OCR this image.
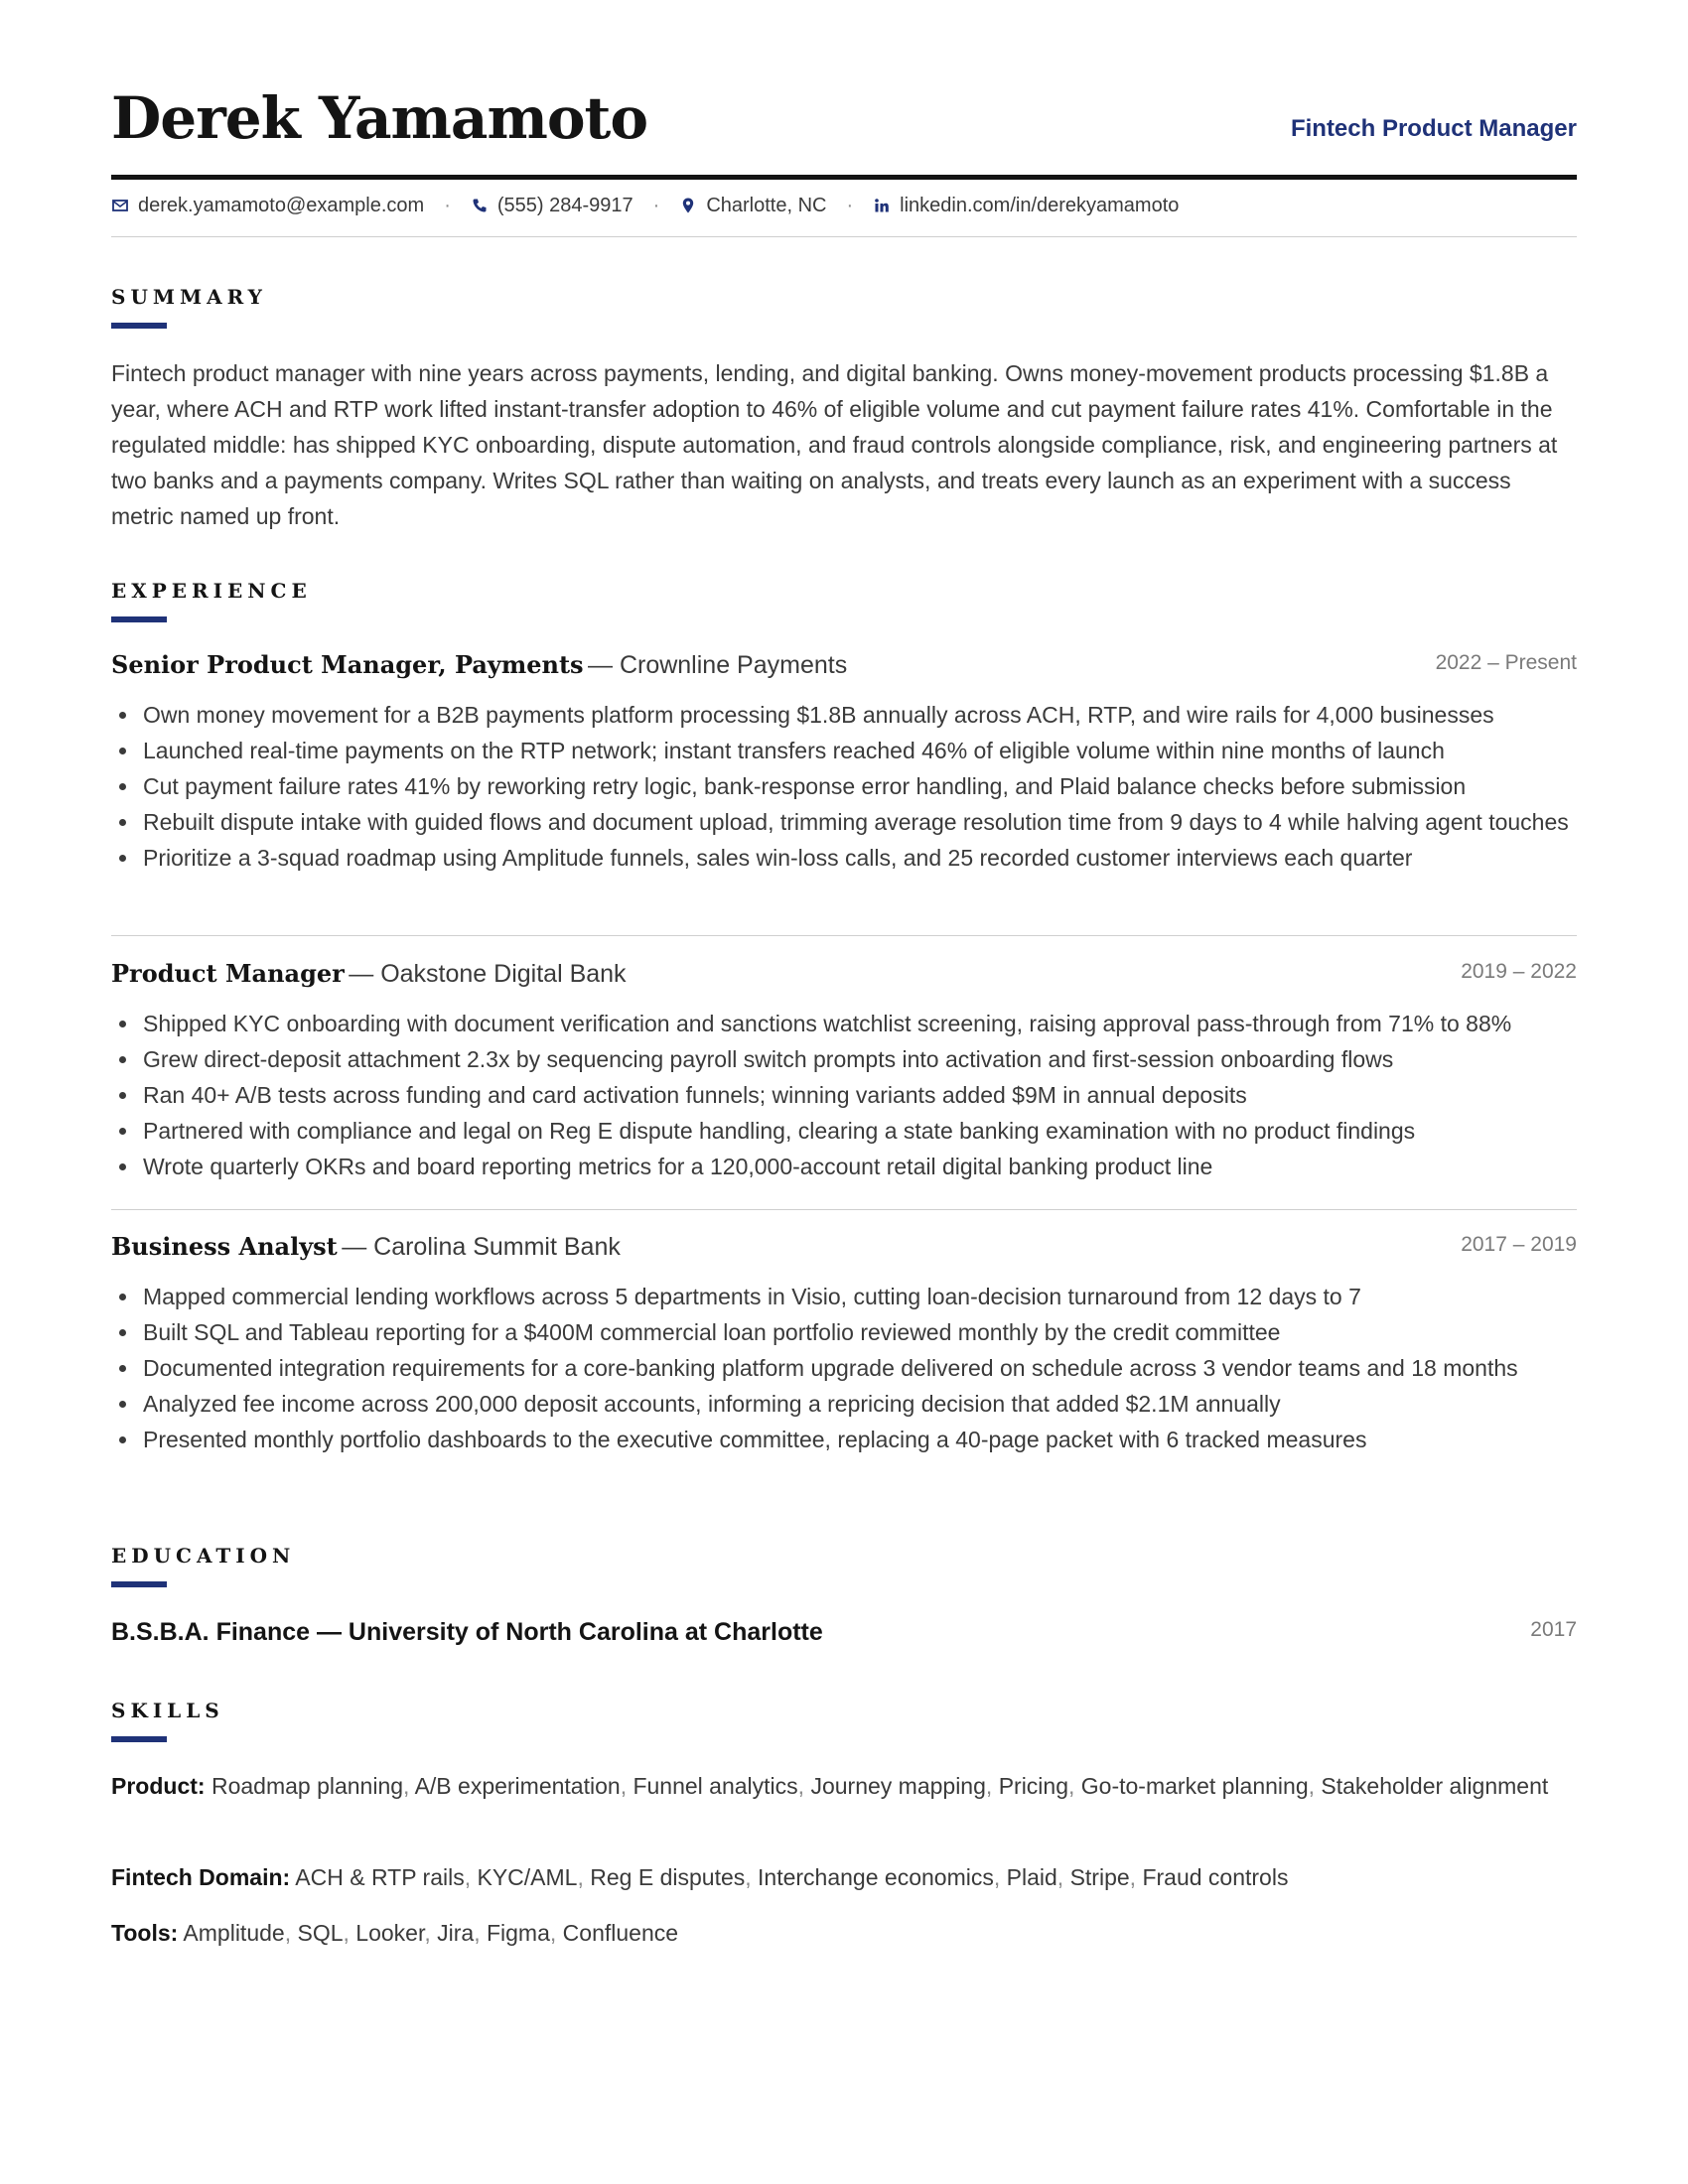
Derek Yamamoto	Fintech Product Manager
derek.yamamoto@example.com · (555) 284-9917 · Charlotte, NC · linkedin.com/in/derekyamamoto
SUMMARY

Fintech product manager with nine years across payments, lending, and digital banking. Owns money-movement products processing $1.8B a year, where ACH and RTP work lifted instant-transfer adoption to 46% of eligible volume and cut payment failure rates 41%. Comfortable in the regulated middle: has shipped KYC onboarding, dispute automation, and fraud controls alongside compliance, risk, and engineering partners at two banks and a payments company. Writes SQL rather than waiting on analysts, and treats every launch as an experiment with a success metric named up front.

EXPERIENCE
Senior Product Manager, Payments — Crownline Payments	2022 – Present
Own money movement for a B2B payments platform processing $1.8B annually across ACH, RTP, and wire rails for 4,000 businesses
Launched real-time payments on the RTP network; instant transfers reached 46% of eligible volume within nine months of launch
Cut payment failure rates 41% by reworking retry logic, bank-response error handling, and Plaid balance checks before submission
Rebuilt dispute intake with guided flows and document upload, trimming average resolution time from 9 days to 4 while halving agent touches
Prioritize a 3-squad roadmap using Amplitude funnels, sales win-loss calls, and 25 recorded customer interviews each quarter
Product Manager — Oakstone Digital Bank	2019 – 2022
Shipped KYC onboarding with document verification and sanctions watchlist screening, raising approval pass-through from 71% to 88%
Grew direct-deposit attachment 2.3x by sequencing payroll switch prompts into activation and first-session onboarding flows
Ran 40+ A/B tests across funding and card activation funnels; winning variants added $9M in annual deposits
Partnered with compliance and legal on Reg E dispute handling, clearing a state banking examination with no product findings
Wrote quarterly OKRs and board reporting metrics for a 120,000-account retail digital banking product line
Business Analyst — Carolina Summit Bank	2017 – 2019
Mapped commercial lending workflows across 5 departments in Visio, cutting loan-decision turnaround from 12 days to 7
Built SQL and Tableau reporting for a $400M commercial loan portfolio reviewed monthly by the credit committee
Documented integration requirements for a core-banking platform upgrade delivered on schedule across 3 vendor teams and 18 months
Analyzed fee income across 200,000 deposit accounts, informing a repricing decision that added $2.1M annually
Presented monthly portfolio dashboards to the executive committee, replacing a 40-page packet with 6 tracked measures
EDUCATION
B.S.B.A. Finance — University of North Carolina at Charlotte	2017
SKILLS

Product: Roadmap planning , A/B experimentation , Funnel analytics , Journey mapping , Pricing , Go-to-market planning , Stakeholder alignment

Fintech Domain: ACH & RTP rails , KYC/AML , Reg E disputes , Interchange economics , Plaid , Stripe , Fraud controls

Tools: Amplitude , SQL , Looker , Jira , Figma , Confluence
